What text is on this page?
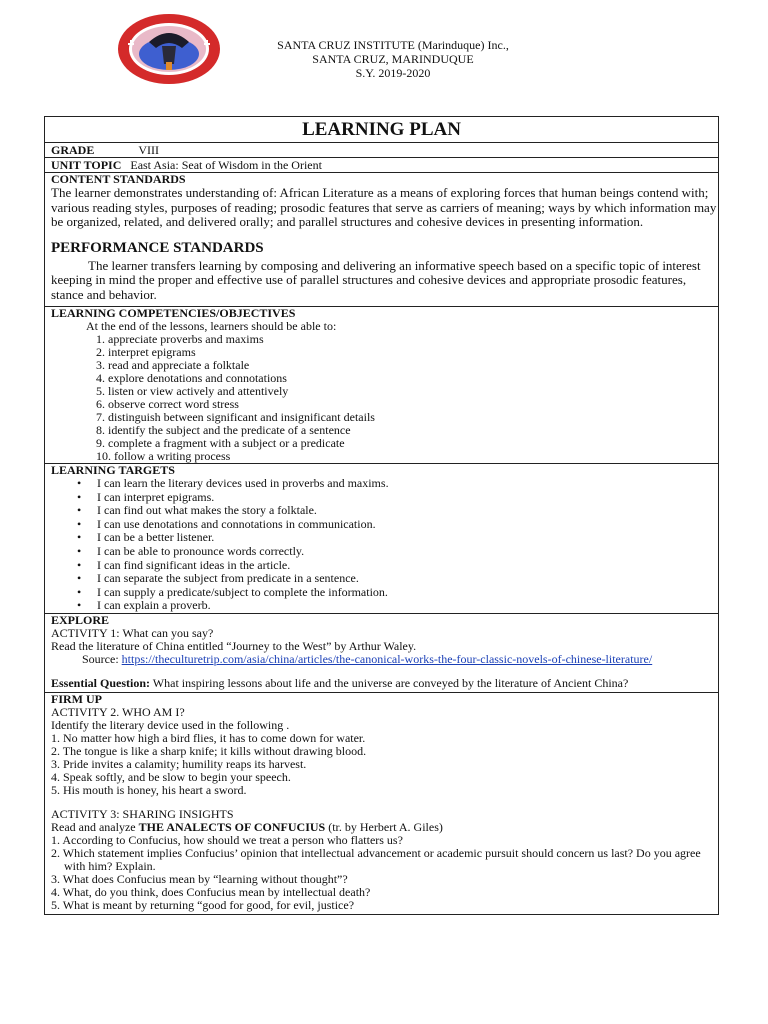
SANTA CRUZ INSTITUTE (Marinduque) Inc.,
SANTA CRUZ, MARINDUQUE
S.Y. 2019-2020
LEARNING PLAN
GRADE	VIII
UNIT TOPIC East Asia: Seat of Wisdom in the Orient
CONTENT STANDARDS
The learner demonstrates understanding of: African Literature as a means of exploring forces that human beings contend with; various reading styles, purposes of reading; prosodic features that serve as carriers of meaning; ways by which information may be organized, related, and delivered orally; and parallel structures and cohesive devices in presenting information.
PERFORMANCE STANDARDS
The learner transfers learning by composing and delivering an informative speech based on a specific topic of interest keeping in mind the proper and effective use of parallel structures and cohesive devices and appropriate prosodic features, stance and behavior.
LEARNING COMPETENCIES/OBJECTIVES
At the end of the lessons, learners should be able to:
1. appreciate proverbs and maxims
2. interpret epigrams
3. read and appreciate a folktale
4. explore denotations and connotations
5. listen or view actively and attentively
6. observe correct word stress
7. distinguish between significant and insignificant details
8. identify the subject and the predicate of a sentence
9. complete a fragment with a subject or a predicate
10. follow a writing process
LEARNING TARGETS
• I can learn the literary devices used in proverbs and maxims.
• I can interpret epigrams.
• I can find out what makes the story a folktale.
• I can use denotations and connotations in communication.
• I can be a better listener.
• I can be able to pronounce words correctly.
• I can find significant ideas in the article.
• I can separate the subject from predicate in a sentence.
• I can supply a predicate/subject to complete the information.
• I can explain a proverb.
EXPLORE
ACTIVITY 1: What can you say?
Read the literature of China entitled “Journey to the West” by Arthur Waley.
Source: https://theculturetrip.com/asia/china/articles/the-canonical-works-the-four-classic-novels-of-chinese-literature/
Essential Question: What inspiring lessons about life and the universe are conveyed by the literature of Ancient China?
FIRM UP
ACTIVITY 2. WHO AM I?
Identify the literary device used in the following .
1. No matter how high a bird flies, it has to come down for water.
2. The tongue is like a sharp knife; it kills without drawing blood.
3. Pride invites a calamity; humility reaps its harvest.
4. Speak softly, and be slow to begin your speech.
5. His mouth is honey, his heart a sword.
ACTIVITY 3: SHARING INSIGHTS
Read and analyze THE ANALECTS OF CONFUCIUS (tr. by Herbert A. Giles)
1. According to Confucius, how should we treat a person who flatters us?
2. Which statement implies Confucius’ opinion that intellectual advancement or academic pursuit should concern us last? Do you agree with him? Explain.
3. What does Confucius mean by “learning without thought”?
4. What, do you think, does Confucius mean by intellectual death?
5. What is meant by returning “good for good, for evil, justice?
